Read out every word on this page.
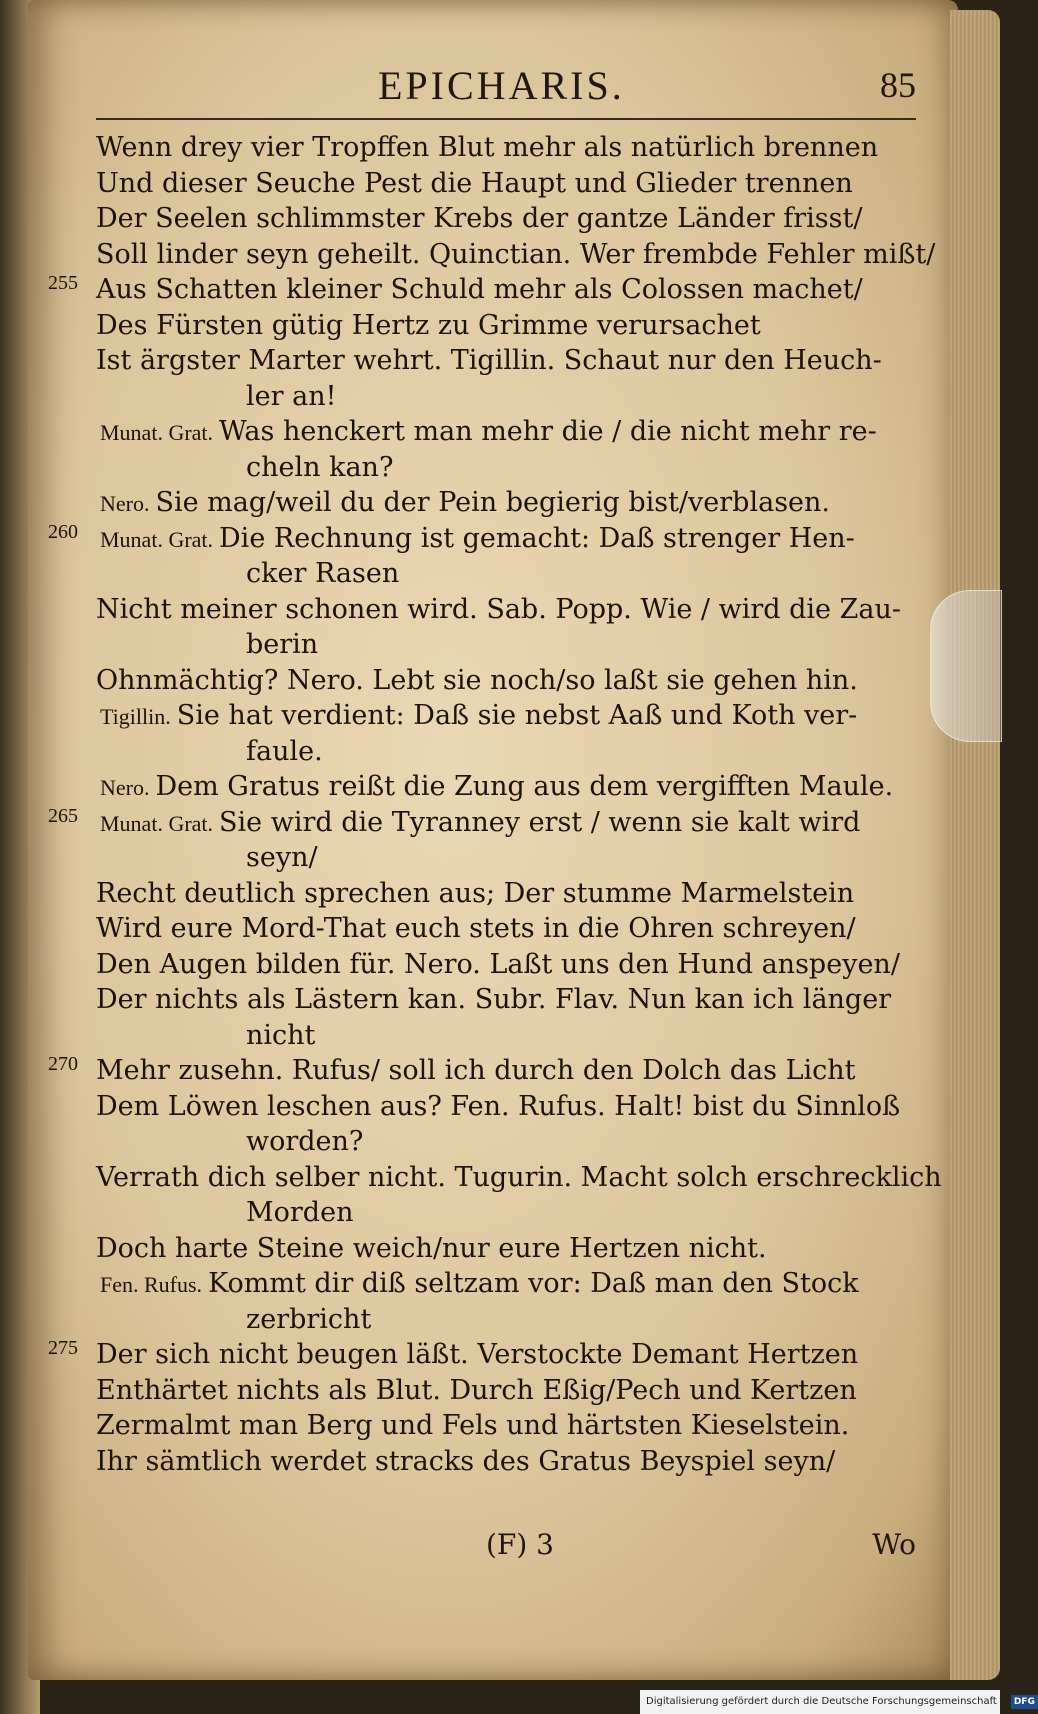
EPICHARIS.	85
Wenn drey vier Tropffen Blut mehr als natürlich brennen
Und dieser Seuche Pest die Haupt und Glieder trennen
Der Seelen schlimmster Krebs der gantze Länder frisst/
Soll linder seyn geheilt. Quinctian. Wer frembde Fehler mißt/
255 Aus Schatten kleiner Schuld mehr als Colossen machet/
Des Fürsten gütig Hertz zu Grimme verursachet
Ist ärgster Marter wehrt. Tigillin. Schaut nur den Heuch-
ler an!
Munat. Grat. Was henckert man mehr die / die nicht mehr re-
cheln kan?
Nero. Sie mag/weil du der Pein begierig bist/verblasen.
260 Munat. Grat. Die Rechnung ist gemacht: Daß strenger Hen-
cker Rasen
Nicht meiner schonen wird. Sab. Popp. Wie / wird die Zau-
berin
Ohnmächtig? Nero. Lebt sie noch/so laßt sie gehen hin.
Tigillin. Sie hat verdient: Daß sie nebst Aaß und Koth ver-
faule.
Nero. Dem Gratus reißt die Zung aus dem vergifften Maule.
265 Munat. Grat. Sie wird die Tyranney erst / wenn sie kalt wird
seyn/
Recht deutlich sprechen aus; Der stumme Marmelstein
Wird eure Mord-That euch stets in die Ohren schreyen/
Den Augen bilden für. Nero. Laßt uns den Hund anspeyen/
Der nichts als Lästern kan. Subr. Flav. Nun kan ich länger
nicht
270 Mehr zusehn. Rufus/ soll ich durch den Dolch das Licht
Dem Löwen leschen aus? Fen. Rufus. Halt! bist du Sinnloß
worden?
Verrath dich selber nicht. Tugurin. Macht solch erschrecklich
Morden
Doch harte Steine weich/nur eure Hertzen nicht.
Fen. Rufus. Kommt dir diß seltzam vor: Daß man den Stock
zerbricht
275 Der sich nicht beugen läßt. Verstockte Demant Hertzen
Enthärtet nichts als Blut. Durch Eßig/Pech und Kertzen
Zermalmt man Berg und Fels und härtsten Kieselstein.
Ihr sämtlich werdet stracks des Gratus Beyspiel seyn/
(F) 3	Wo
Digitalisierung gefördert durch die Deutsche Forschungsgemeinschaft - DFG
